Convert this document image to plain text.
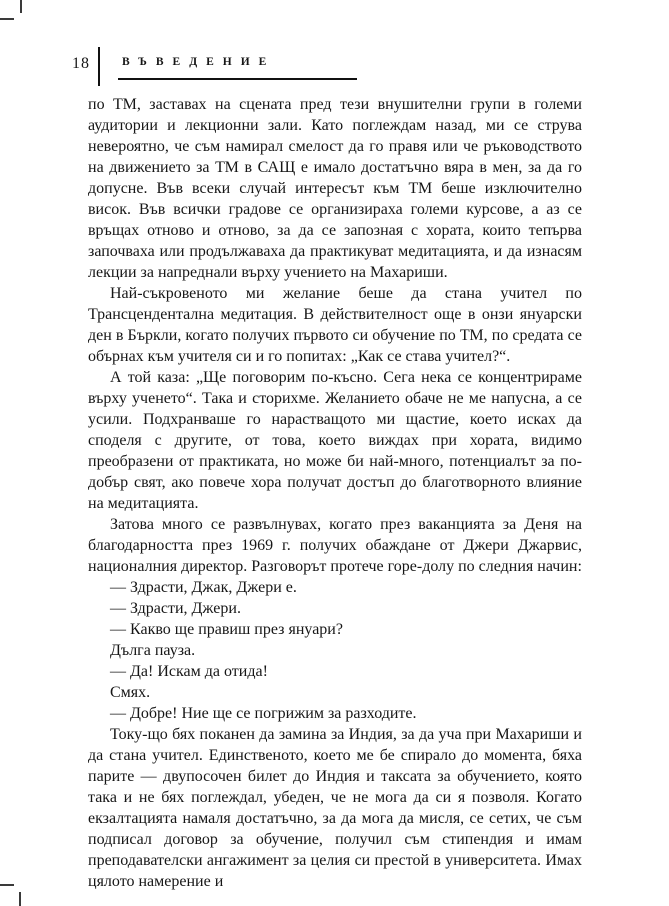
18	ВЪВЕДЕНИЕ

по ТМ, заставах на сцената пред тези внушителни групи в големи аудитории и лекционни зали. Като поглеждам назад, ми се струва невероятно, че съм намирал смелост да го правя или че ръководството на движението за ТМ в САЩ е имало достатъчно вяра в мен, за да го допусне. Във всеки случай интересът към ТМ беше изключително висок. Във всички градове се организираха големи курсове, а аз се връщах отново и отново, за да се запозная с хората, които тепърва започваха или продължаваха да практикуват медитацията, и да изнасям лекции за напреднали върху учението на Махариши.

Най-съкровеното ми желание беше да стана учител по Трансцендентална медитация. В действителност още в онзи януарски ден в Бъркли, когато получих първото си обучение по ТМ, по средата се обърнах към учителя си и го попитах: „Как се става учител?“.

А той каза: „Ще поговорим по-късно. Сега нека се концентрираме върху ученето“. Така и сторихме. Желанието обаче не ме напусна, а се усили. Подхранваше го нарастващото ми щастие, което исках да споделя с другите, от това, което виждах при хората, видимо преобразени от практиката, но може би най-много, потенциалът за по-добър свят, ако повече хора получат достъп до благотворното влияние на медитацията.

Затова много се развълнувах, когато през ваканцията за Деня на благодарността през 1969 г. получих обаждане от Джери Джарвис, националния директор. Разговорът протече горе-долу по следния начин:

— Здрасти, Джак, Джери е.

— Здрасти, Джери.

— Какво ще правиш през януари?

Дълга пауза.

— Да! Искам да отида!

Смях.

— Добре! Ние ще се погрижим за разходите.

Току-що бях поканен да замина за Индия, за да уча при Махариши и да стана учител. Единственото, което ме бе спирало до момента, бяха парите — двупосочен билет до Индия и таксата за обучението, която така и не бях поглеждал, убеден, че не мога да си я позволя. Когато екзалтацията намаля достатъчно, за да мога да мисля, се сетих, че съм подписал договор за обучение, получил съм стипендия и имам преподавателски ангажимент за целия си престой в университета. Имах цялото намерение и
